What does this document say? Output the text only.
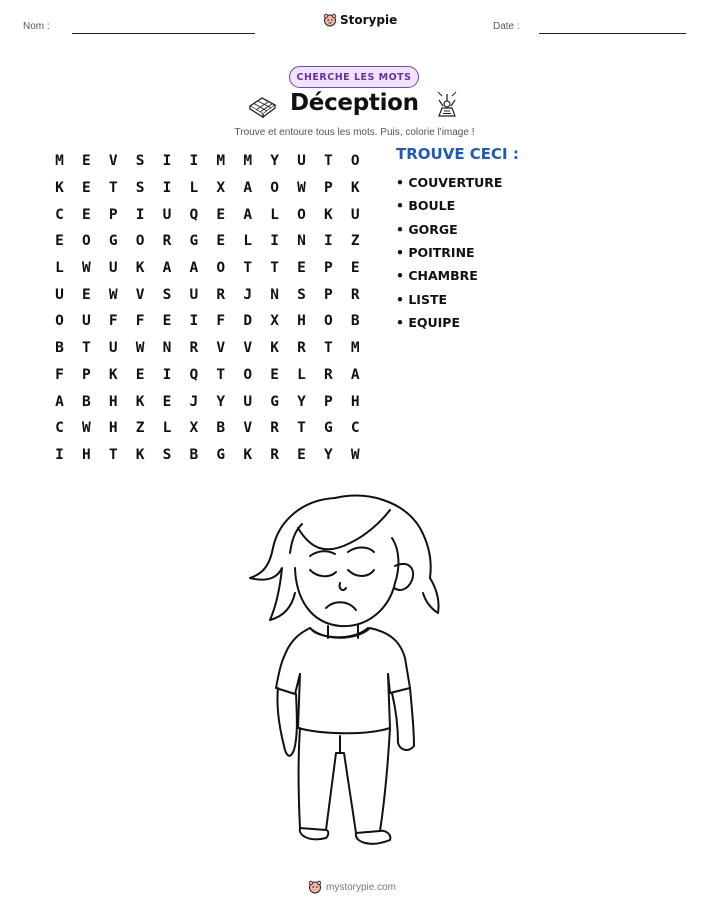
Nom :	Storypie	Date :
CHERCHE LES MOTS
Déception
Trouve et entoure tous les mots. Puis, colorie l'image !
M	E	V	S	I	I	M	M	Y	U	T	O
K	E	T	S	I	L	X	A	O	W	P	K
C	E	P	I	U	Q	E	A	L	O	K	U
E	O	G	O	R	G	E	L	I	N	I	Z
L	W	U	K	A	A	O	T	T	E	P	E
U	E	W	V	S	U	R	J	N	S	P	R
O	U	F	F	E	I	F	D	X	H	O	B
B	T	U	W	N	R	V	V	K	R	T	M
F	P	K	E	I	Q	T	O	E	L	R	A
A	B	H	K	E	J	Y	U	G	Y	P	H
C	W	H	Z	L	X	B	V	R	T	G	C
I	H	T	K	S	B	G	K	R	E	Y	W
TROUVE CECI :
• COUVERTURE
• BOULE
• GORGE
• POITRINE
• CHAMBRE
• LISTE
• EQUIPE
mystorypie.com
